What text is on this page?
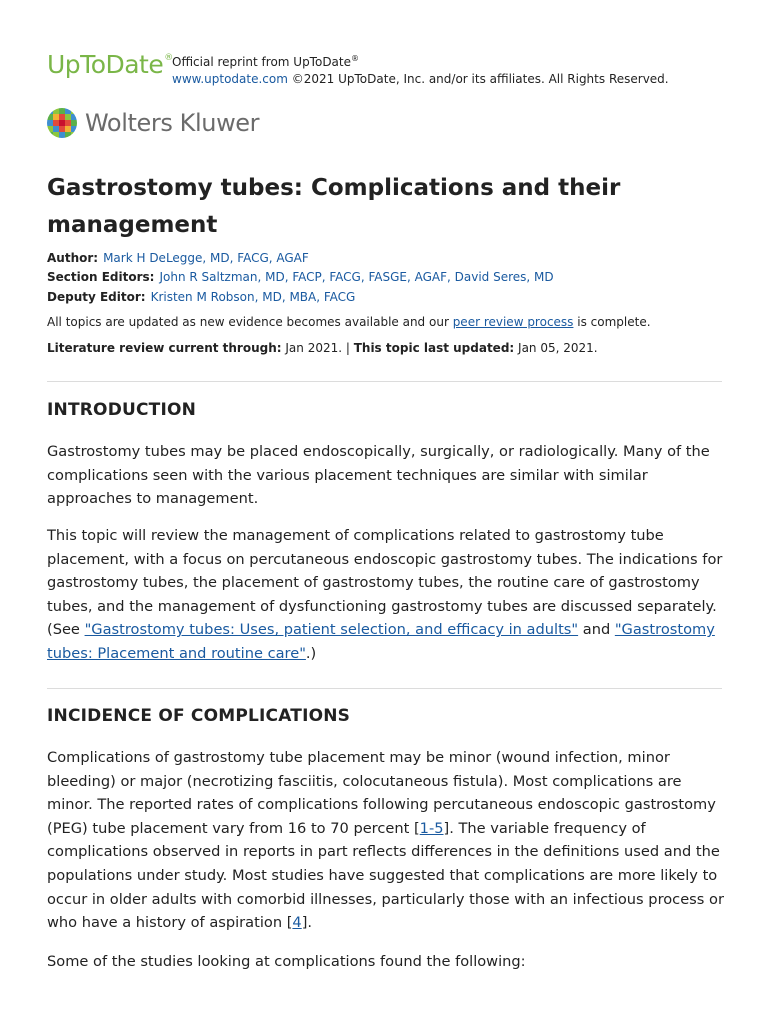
UpToDate® Official reprint from UpToDate®
www.uptodate.com ©2021 UpToDate, Inc. and/or its affiliates. All Rights Reserved.
Wolters Kluwer
Gastrostomy tubes: Complications and their management
Author: Mark H DeLegge, MD, FACG, AGAF
Section Editors: John R Saltzman, MD, FACP, FACG, FASGE, AGAF, David Seres, MD
Deputy Editor: Kristen M Robson, MD, MBA, FACG
All topics are updated as new evidence becomes available and our peer review process is complete.
Literature review current through: Jan 2021. | This topic last updated: Jan 05, 2021.
INTRODUCTION

Gastrostomy tubes may be placed endoscopically, surgically, or radiologically. Many of the complications seen with the various placement techniques are similar with similar approaches to management.

This topic will review the management of complications related to gastrostomy tube placement, with a focus on percutaneous endoscopic gastrostomy tubes. The indications for gastrostomy tubes, the placement of gastrostomy tubes, the routine care of gastrostomy tubes, and the management of dysfunctioning gastrostomy tubes are discussed separately. (See "Gastrostomy tubes: Uses, patient selection, and efficacy in adults" and "Gastrostomy tubes: Placement and routine care".)

INCIDENCE OF COMPLICATIONS

Complications of gastrostomy tube placement may be minor (wound infection, minor bleeding) or major (necrotizing fasciitis, colocutaneous fistula). Most complications are minor. The reported rates of complications following percutaneous endoscopic gastrostomy (PEG) tube placement vary from 16 to 70 percent [1-5]. The variable frequency of complications observed in reports in part reflects differences in the definitions used and the populations under study. Most studies have suggested that complications are more likely to occur in older adults with comorbid illnesses, particularly those with an infectious process or who have a history of aspiration [4].

Some of the studies looking at complications found the following:
